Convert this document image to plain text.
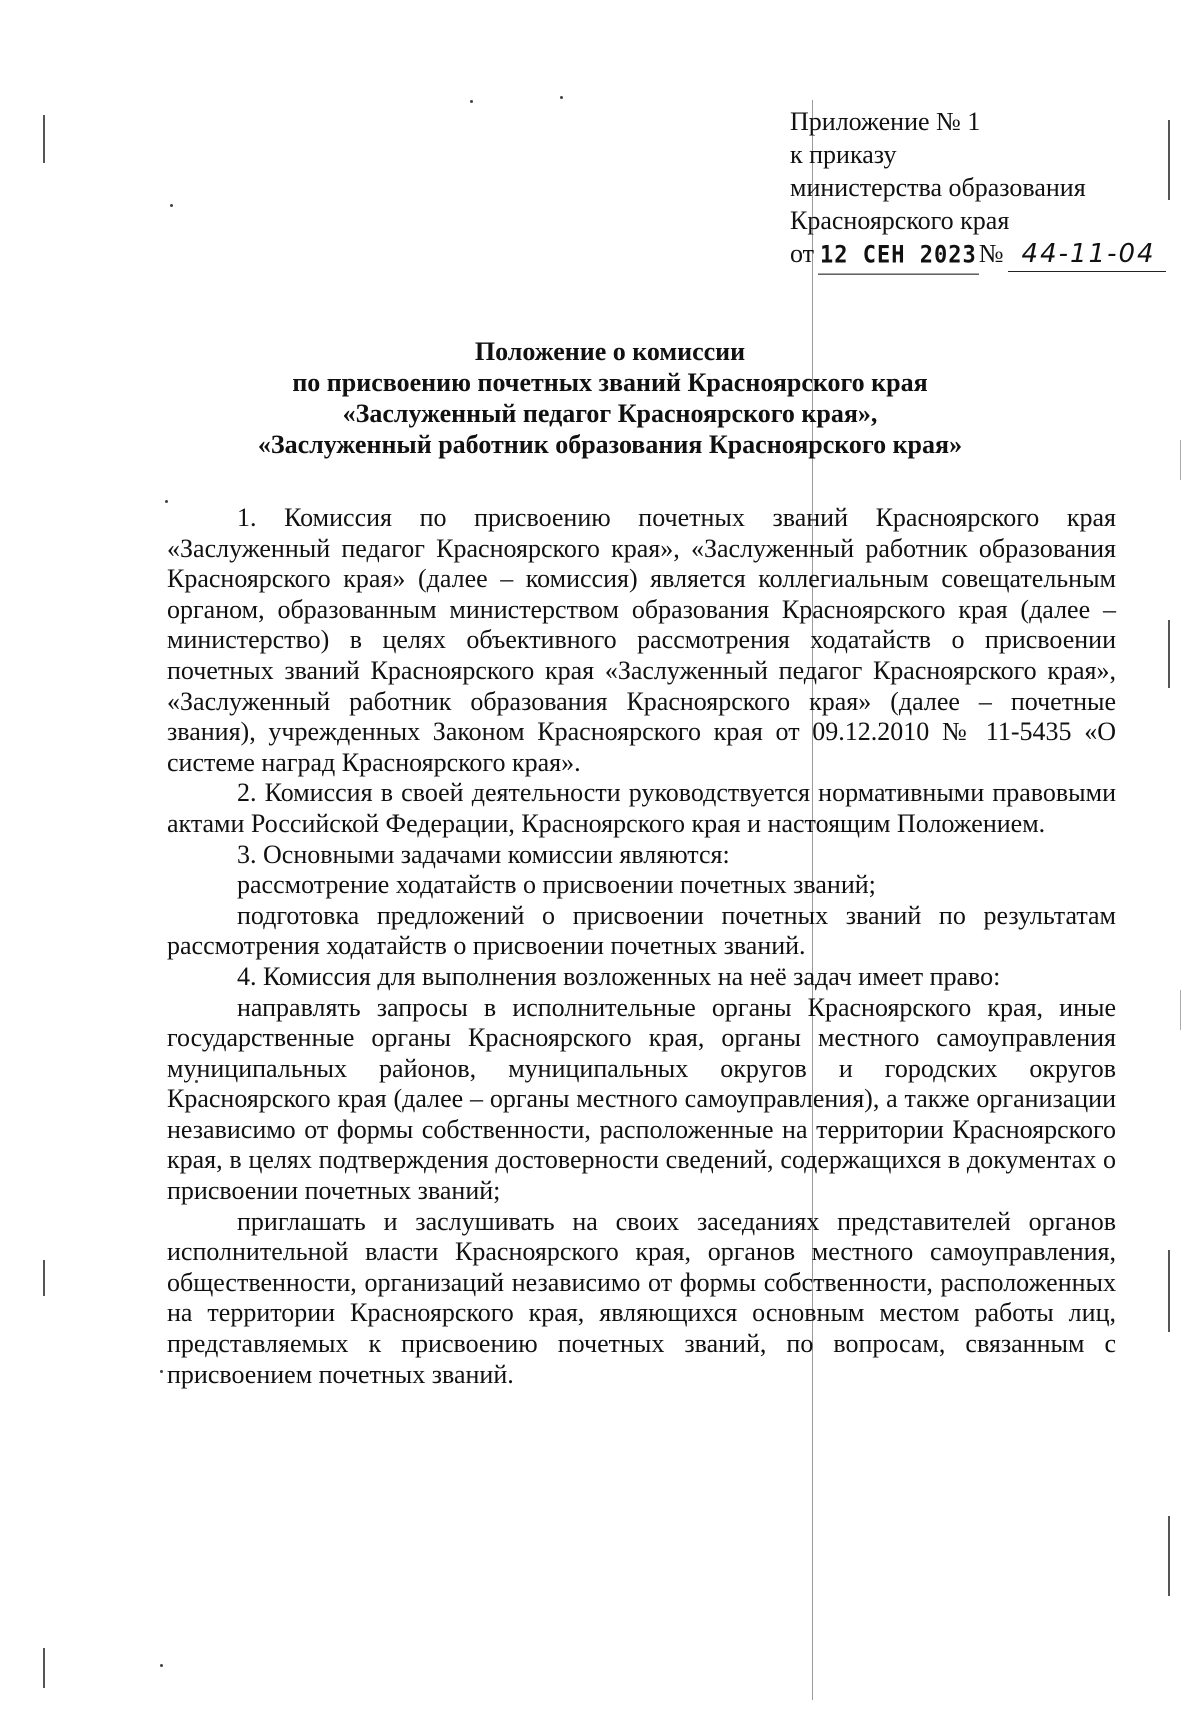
Приложение № 1
к приказу
министерства образования
Красноярского края
от 12 СЕН 2023 № 44-11-04
Положение о комиссии
по присвоению почетных званий Красноярского края
«Заслуженный педагог Красноярского края»,
«Заслуженный работник образования Красноярского края»

1. Комиссия по присвоению почетных званий Красноярского края «Заслуженный педагог Красноярского края», «Заслуженный работник образования Красноярского края» (далее – комиссия) является коллегиальным совещательным органом, образованным министерством образования Красноярского края (далее – министерство) в целях объективного рассмотрения ходатайств о присвоении почетных званий Красноярского края «Заслуженный педагог Красноярского края», «Заслуженный работник образования Красноярского края» (далее – почетные звания), учрежденных Законом Красноярского края от 09.12.2010 № 11-5435 «О системе наград Красноярского края».

2. Комиссия в своей деятельности руководствуется нормативными правовыми актами Российской Федерации, Красноярского края и настоящим Положением.

3. Основными задачами комиссии являются:

рассмотрение ходатайств о присвоении почетных званий;

подготовка предложений о присвоении почетных званий по результатам рассмотрения ходатайств о присвоении почетных званий.

4. Комиссия для выполнения возложенных на неё задач имеет право:

направлять запросы в исполнительные органы Красноярского края, иные государственные органы Красноярского края, органы местного самоуправления муниципальных районов, муниципальных округов и городских округов Красноярского края (далее – органы местного самоуправления), а также организации независимо от формы собственности, расположенные на территории Красноярского края, в целях подтверждения достоверности сведений, содержащихся в документах о присвоении почетных званий;

приглашать и заслушивать на своих заседаниях представителей органов исполнительной власти Красноярского края, органов местного самоуправления, общественности, организаций независимо от формы собственности, расположенных на территории Красноярского края, являющихся основным местом работы лиц, представляемых к присвоению почетных званий, по вопросам, связанным с присвоением почетных званий.
